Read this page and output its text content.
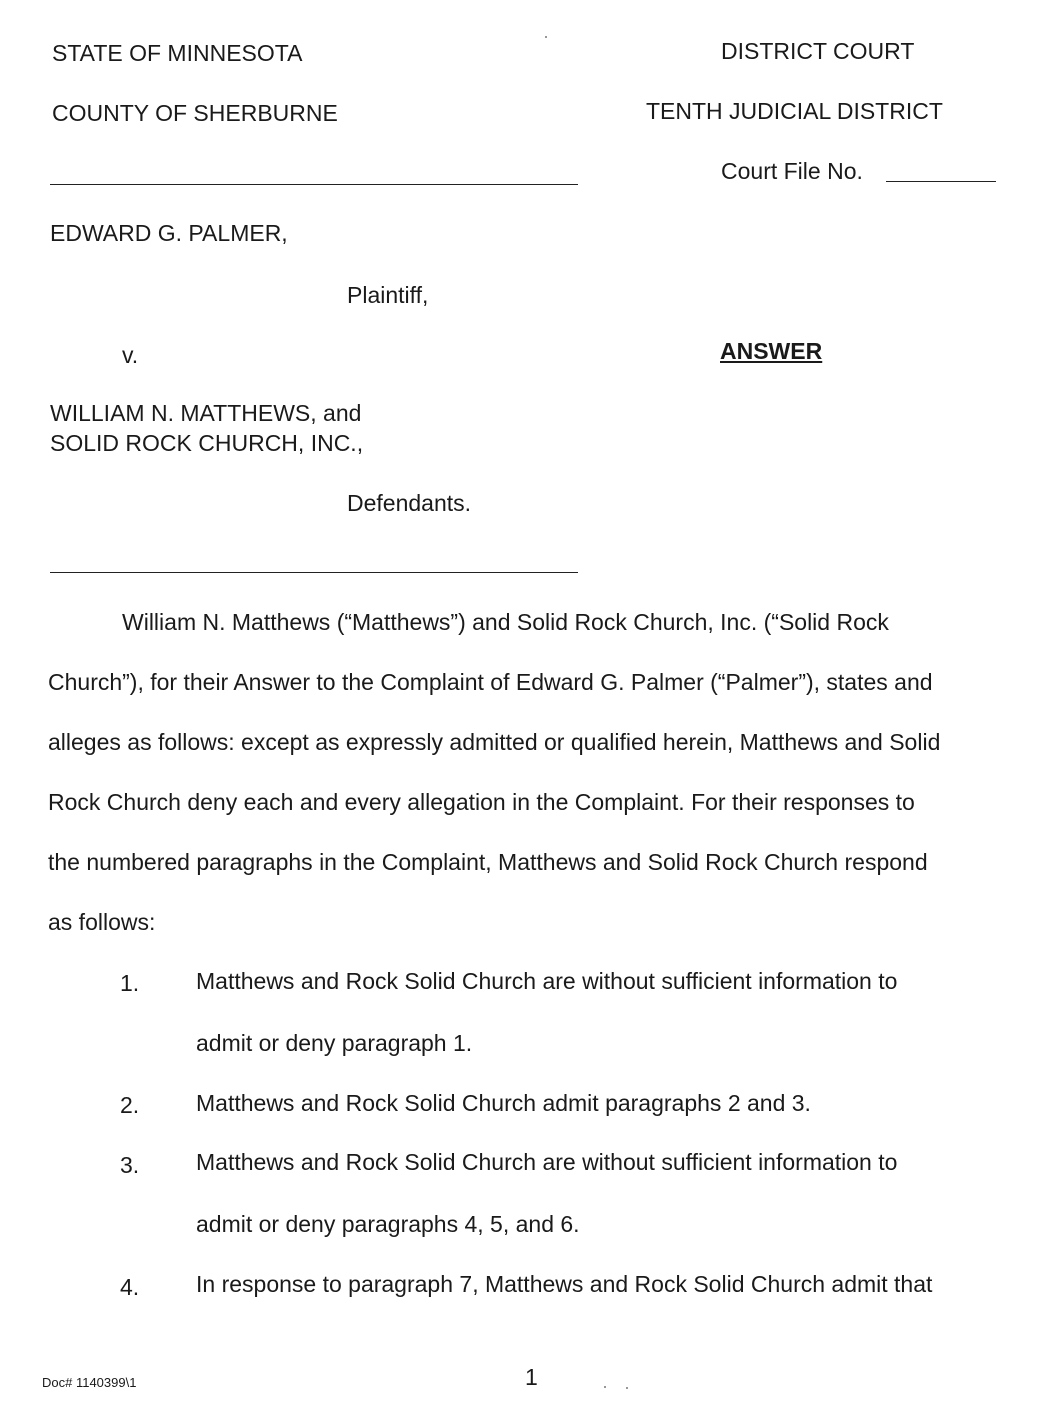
STATE OF MINNESOTA
COUNTY OF SHERBURNE
DISTRICT COURT
TENTH JUDICIAL DISTRICT
Court File No.
EDWARD G. PALMER,
Plaintiff,
v.	ANSWER
WILLIAM N. MATTHEWS, and
SOLID ROCK CHURCH, INC.,
Defendants.
William N. Matthews (“Matthews”) and Solid Rock Church, Inc. (“Solid Rock
Church”), for their Answer to the Complaint of Edward G. Palmer (“Palmer”), states and
alleges as follows: except as expressly admitted or qualified herein, Matthews and Solid
Rock Church deny each and every allegation in the Complaint. For their responses to
the numbered paragraphs in the Complaint, Matthews and Solid Rock Church respond
as follows:
1. Matthews and Rock Solid Church are without sufficient information to
admit or deny paragraph 1.
2. Matthews and Rock Solid Church admit paragraphs 2 and 3.
3. Matthews and Rock Solid Church are without sufficient information to
admit or deny paragraphs 4, 5, and 6.
4. In response to paragraph 7, Matthews and Rock Solid Church admit that
Doc# 1140399\1	1
